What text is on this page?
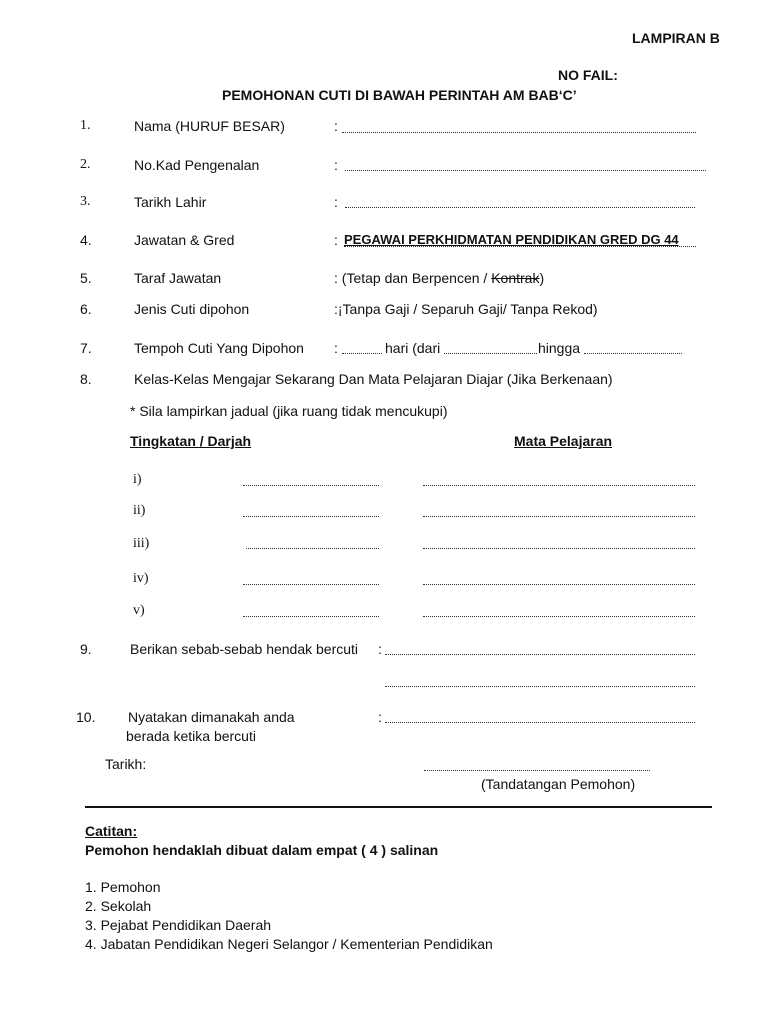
LAMPIRAN B
NO FAIL:
PEMOHONAN CUTI DI BAWAH PERINTAH AM BAB‘C’
1.	Nama (HURUF BESAR)	:
2.	No.Kad Pengenalan	:
3.	Tarikh Lahir	:
4.	Jawatan & Gred	: PEGAWAI PERKHIDMATAN PENDIDIKAN GRED DG 44
5.	Taraf Jawatan	: (Tetap dan Berpencen / Kontrak)
6.	Jenis Cuti dipohon	:¡Tanpa Gaji / Separuh Gaji/ Tanpa Rekod)
7.	Tempoh Cuti Yang Dipohon :	hari (dari	hingga
8.	Kelas-Kelas Mengajar Sekarang Dan Mata Pelajaran Diajar (Jika Berkenaan)
* Sila lampirkan jadual (jika ruang tidak mencukupi)
Tingkatan / Darjah	Mata Pelajaran
i)
ii)
iii)
iv)
v)
9.	Berikan sebab-sebab hendak bercuti :
10. Nyatakan dimanakah anda
berada ketika bercuti
:
Tarikh:
(Tandatangan Pemohon)
Catitan:
Pemohon hendaklah dibuat dalam empat ( 4 ) salinan
1. Pemohon
2. Sekolah
3. Pejabat Pendidikan Daerah
4. Jabatan Pendidikan Negeri Selangor / Kementerian Pendidikan
